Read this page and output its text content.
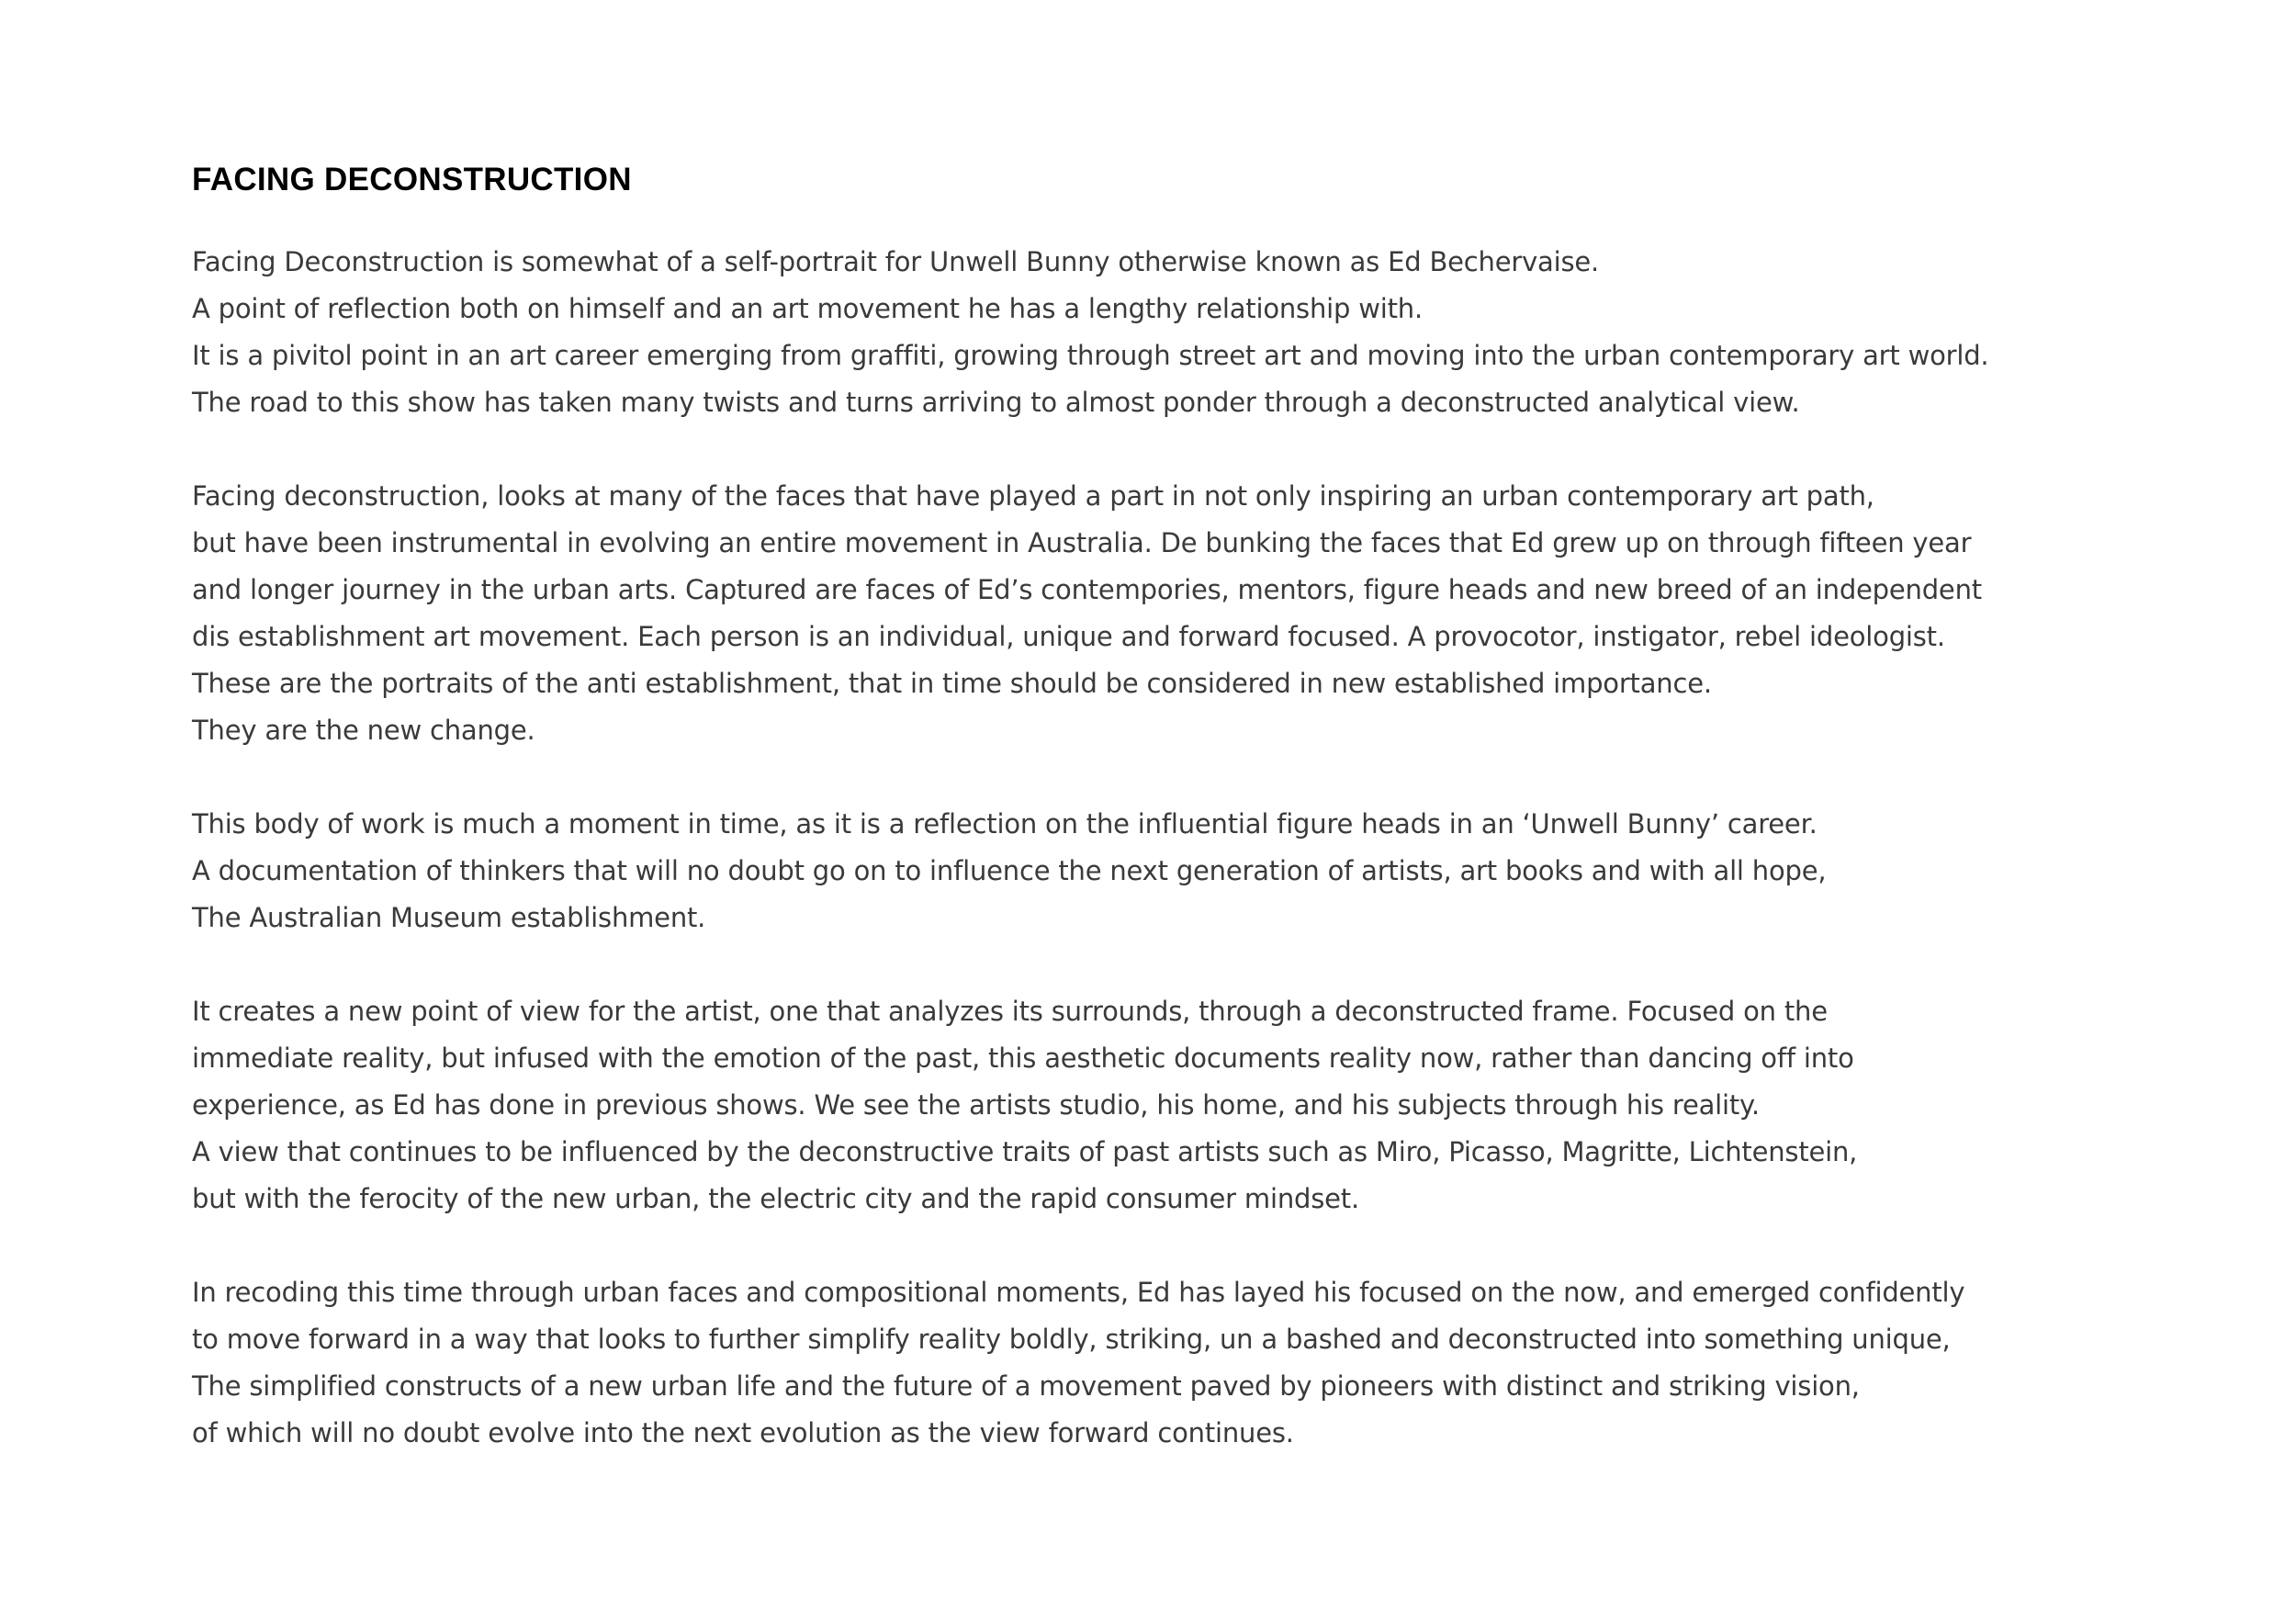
FACING DECONSTRUCTION
Facing Deconstruction is somewhat of a self-portrait for Unwell Bunny otherwise known as Ed Bechervaise.
A point of reflection both on himself and an art movement he has a lengthy relationship with.
It is a pivitol point in an art career emerging from graffiti, growing through street art and moving into the urban contemporary art world.
The road to this show has taken many twists and turns arriving to almost ponder through a deconstructed analytical view.
Facing deconstruction, looks at many of the faces that have played a part in not only inspiring an urban contemporary art path,
but have been instrumental in evolving an entire movement in Australia. De bunking the faces that Ed grew up on through fifteen year
and longer journey in the urban arts. Captured are faces of Ed’s contempories, mentors, figure heads and new breed of an independent
dis establishment art movement. Each person is an individual, unique and forward focused. A provocotor, instigator, rebel ideologist.
These are the portraits of the anti establishment, that in time should be considered in new established importance.
They are the new change.
This body of work is much a moment in time, as it is a reflection on the influential figure heads in an ‘Unwell Bunny’ career.
A documentation of thinkers that will no doubt go on to influence the next generation of artists, art books and with all hope,
The Australian Museum establishment.
It creates a new point of view for the artist, one that analyzes its surrounds, through a deconstructed frame. Focused on the
immediate reality, but infused with the emotion of the past, this aesthetic documents reality now, rather than dancing off into
experience, as Ed has done in previous shows. We see the artists studio, his home, and his subjects through his reality.
A view that continues to be influenced by the deconstructive traits of past artists such as Miro, Picasso, Magritte, Lichtenstein,
but with the ferocity of the new urban, the electric city and the rapid consumer mindset.
In recoding this time through urban faces and compositional moments, Ed has layed his focused on the now, and emerged confidently
to move forward in a way that looks to further simplify reality boldly, striking, un a bashed and deconstructed into something unique,
The simplified constructs of a new urban life and the future of a movement paved by pioneers with distinct and striking vision,
of which will no doubt evolve into the next evolution as the view forward continues.
